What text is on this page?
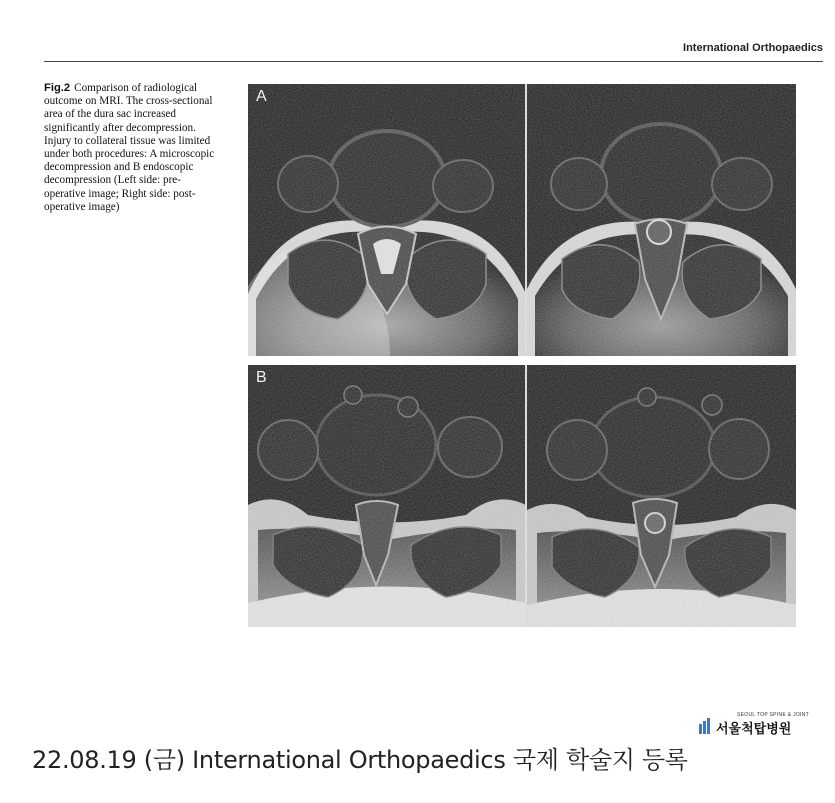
International Orthopaedics
Fig.2 Comparison of radiological outcome on MRI. The cross-sectional area of the dura sac increased significantly after decompression. Injury to collateral tissue was limited under both procedures: A microscopic decompression and B endoscopic decompression (Left side: pre-operative image; Right side: post-operative image)
A
B
SEOUL TOP SPINE & JOINT
서울척탑병원
22.08.19 (금) International Orthopaedics 국제 학술지 등록
